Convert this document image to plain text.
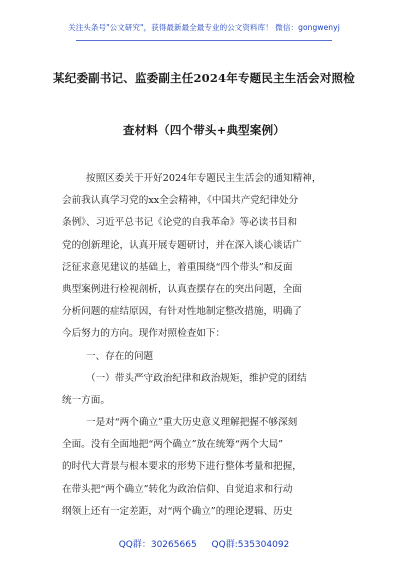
关注头条号"公文研究"，获得最新最全最专业的公文资料库！ 微信：gongwenyj
某纪委副书记、监委副主任2024年专题民主生活会对照检
查材料（四个带头+典型案例）
按照区委关于开好2024年专题民主生活会的通知精神，
会前我认真学习党的xx全会精神，《中国共产党纪律处分
条例》、习近平总书记《论党的自我革命》等必读书目和
党的创新理论，认真开展专题研讨，并在深入谈心谈话广
泛征求意见建议的基础上，着重围绕“四个带头”和反面
典型案例进行检视剖析，认真查摆存在的突出问题，全面
分析问题的症结原因，有针对性地制定整改措施，明确了
今后努力的方向。现作对照检查如下：
一、存在的问题
（一）带头严守政治纪律和政治规矩，维护党的团结
统一方面。
一是对“两个确立”重大历史意义理解把握不够深刻
全面。没有全面地把“两个确立”放在统筹“两个大局”
的时代大背景与根本要求的形势下进行整体考量和把握，
在带头把“两个确立”转化为政治信仰、自觉追求和行动
纲领上还有一定差距，对“两个确立”的理论逻辑、历史
QQ群：30265665 QQ群:535304092
